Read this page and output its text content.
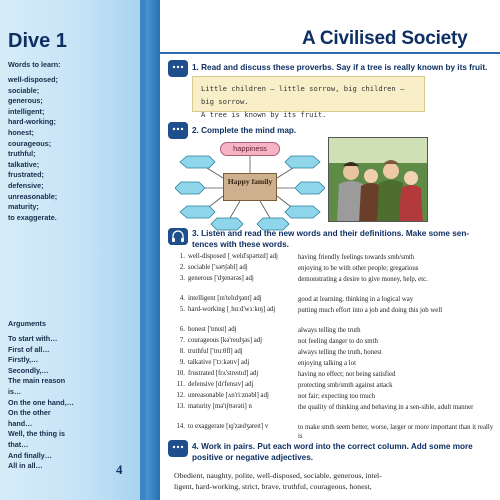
Dive 1
Words to learn:
well-disposed;
sociable;
generous;
intelligent;
hard-working;
honest;
courageous;
truthful;
talkative;
frustrated;
defensive;
unreasonable;
maturity;
to exaggerate.
Arguments
To start with…
First of all…
Firstly,…
Secondly,…
The main reason
is…
On the one hand,…
On the other
hand…
Well, the thing is
that…
And finally…
All in all…	4
A Civilised Society
1. Read and discuss these proverbs. Say if a tree is really known by its fruit.
Little children — little sorrow, big children — big sorrow.
A tree is known by its fruit.
2. Complete the mind map.
happiness
Happy family
3. Listen and read the new words and their definitions. Make some sen-
tences with these words.
1. well-disposed [ˌweld'spəʊzd] adj	having friendly feelings towards smb/smth
2. sociable ['səʊʃəbl] adj	enjoying to be with other people; gregarious
3. generous ['dʒenərəs] adj	demonstrating a desire to give money, help, etc.
4. intelligent [ɪn'telɪdʒənt] adj	good at learning, thinking in a logical way
5. hard-working [ˌhɑːd'wɜːkɪŋ] adj	putting much effort into a job and doing this job well
6. honest ['ɒnɪst] adj	always telling the truth
7. courageous [kə'reɪdʒəs] adj	not feeling danger to do smth
8. truthful ['truːθfl] adj	always telling the truth, honest
9. talkative ['tɔːkətɪv] adj	enjoying talking a lot
10. frustrated [frʌ'streɪtɪd] adj	having no effect; not being satisfied
11. defensive [dɪ'fensɪv] adj	protecting smb/smth against attack
12. unreasonable [ʌn'riːznəbl] adj	not fair; expecting too much
13. maturity [mə'tʃʊərəti] n	the quality of thinking and behaving in a sen-sible, adult manner
14. to exaggerate [ɪɡ'zædʒəreɪt] v	to make smth seem better, worse, larger or more important than it really is
4. Work in pairs. Put each word into the correct column. Add some more
positive or negative adjectives.
Obedient, naughty, polite, well-disposed, sociable, generous, intel-
ligent, hard-working, strict, brave, truthful, courageous, honest,
